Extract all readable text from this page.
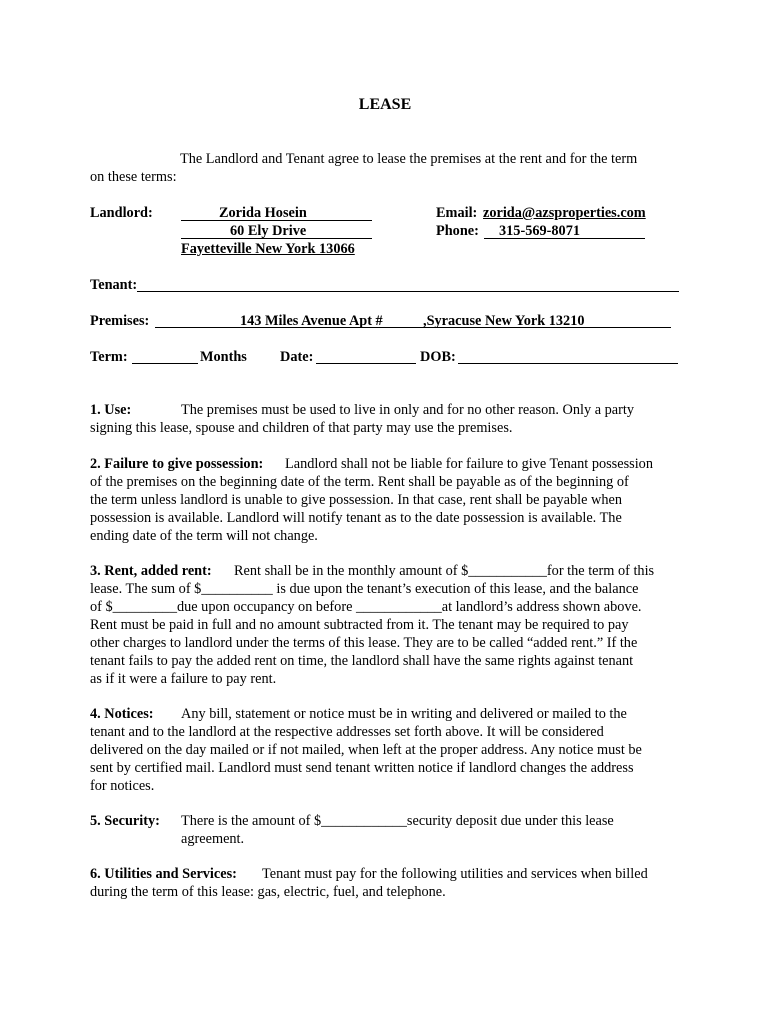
LEASE
The Landlord and Tenant agree to lease the premises at the rent and for the term
on these terms:
Landlord:	Zorida Hosein
60 Ely Drive
Fayetteville New York 13066
Email: zorida@azsproperties.com
Phone: 315-569-8071
Tenant:
Premises:	143 Miles Avenue Apt #	,Syracuse New York 13210
Term:	Months Date:	DOB:
1. Use:	The premises must be used to live in only and for no other reason. Only a party
signing this lease, spouse and children of that party may use the premises.
2. Failure to give possession: Landlord shall not be liable for failure to give Tenant possession
of the premises on the beginning date of the term. Rent shall be payable as of the beginning of
the term unless landlord is unable to give possession. In that case, rent shall be payable when
possession is available. Landlord will notify tenant as to the date possession is available. The
ending date of the term will not change.
3. Rent, added rent: Rent shall be in the monthly amount of $___________for the term of this
lease. The sum of $__________ is due upon the tenant’s execution of this lease, and the balance
of $_________due upon occupancy on before ____________at landlord’s address shown above.
Rent must be paid in full and no amount subtracted from it. The tenant may be required to pay
other charges to landlord under the terms of this lease. They are to be called “added rent.” If the
tenant fails to pay the added rent on time, the landlord shall have the same rights against tenant
as if it were a failure to pay rent.
4. Notices: Any bill, statement or notice must be in writing and delivered or mailed to the
tenant and to the landlord at the respective addresses set forth above. It will be considered
delivered on the day mailed or if not mailed, when left at the proper address. Any notice must be
sent by certified mail. Landlord must send tenant written notice if landlord changes the address
for notices.
5. Security: There is the amount of $____________security deposit due under this lease
agreement.
6. Utilities and Services: Tenant must pay for the following utilities and services when billed
during the term of this lease: gas, electric, fuel, and telephone.
